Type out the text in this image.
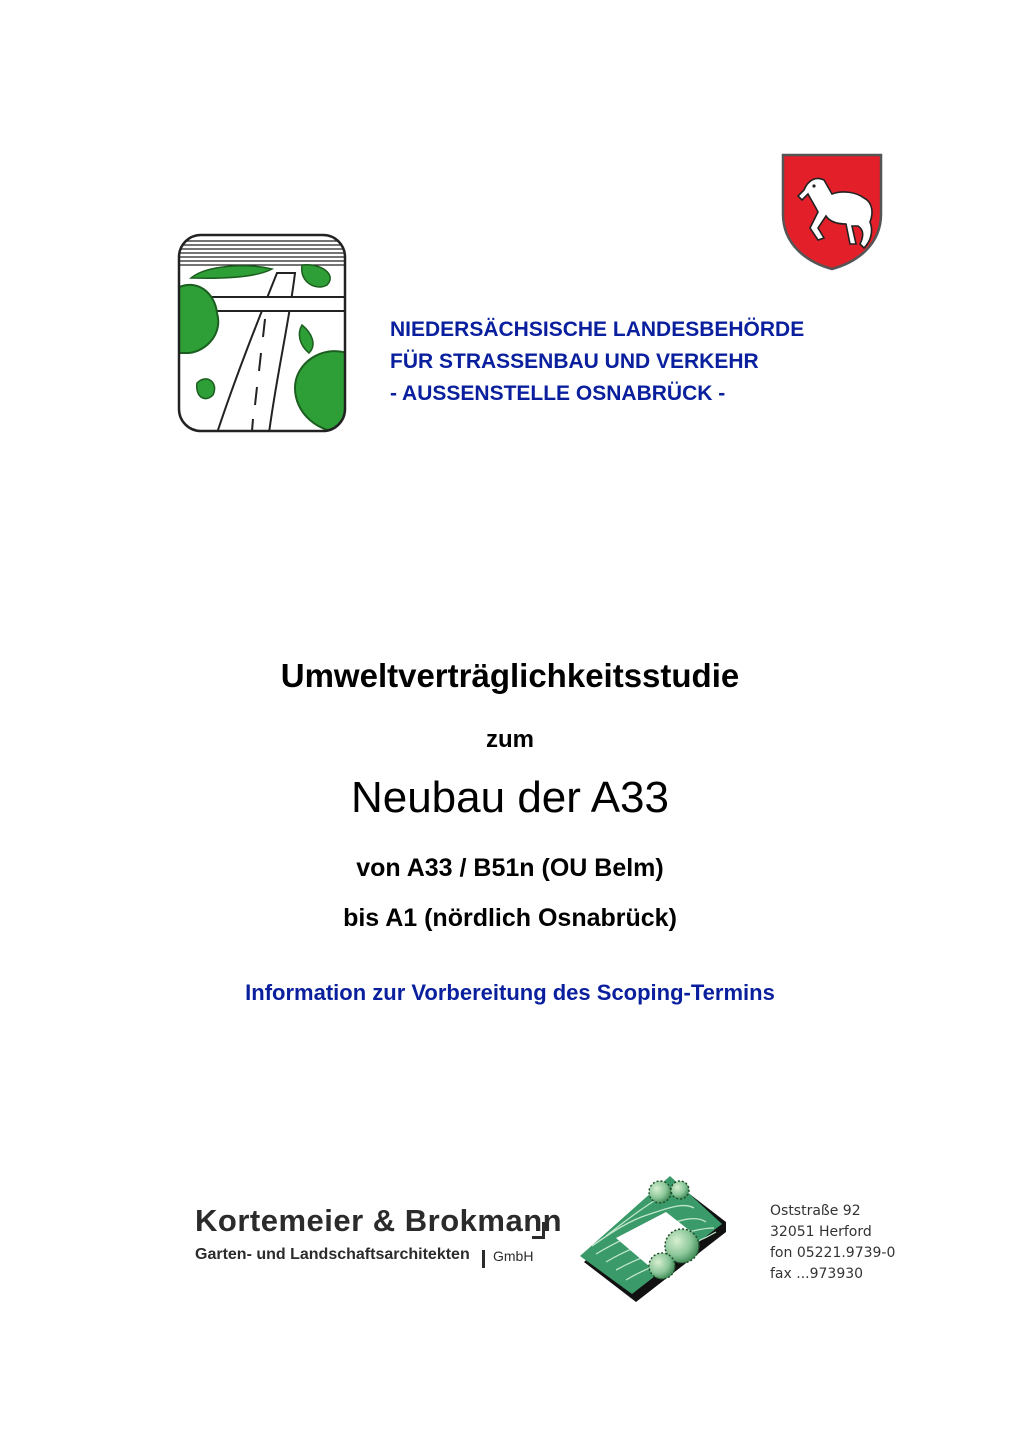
NIEDERSÄCHSISCHE LANDESBEHÖRDE
FÜR STRASSENBAU UND VERKEHR
- AUSSENSTELLE OSNABRÜCK -
Umweltverträglichkeitsstudie
zum
Neubau der A33
von A33 / B51n (OU Belm)
bis A1 (nördlich Osnabrück)
Information zur Vorbereitung des Scoping-Termins
Kortemeier & Brokmann
Garten- und Landschaftsarchitekten GmbH
Oststraße 92
32051 Herford
fon 05221.9739-0
fax ...973930
